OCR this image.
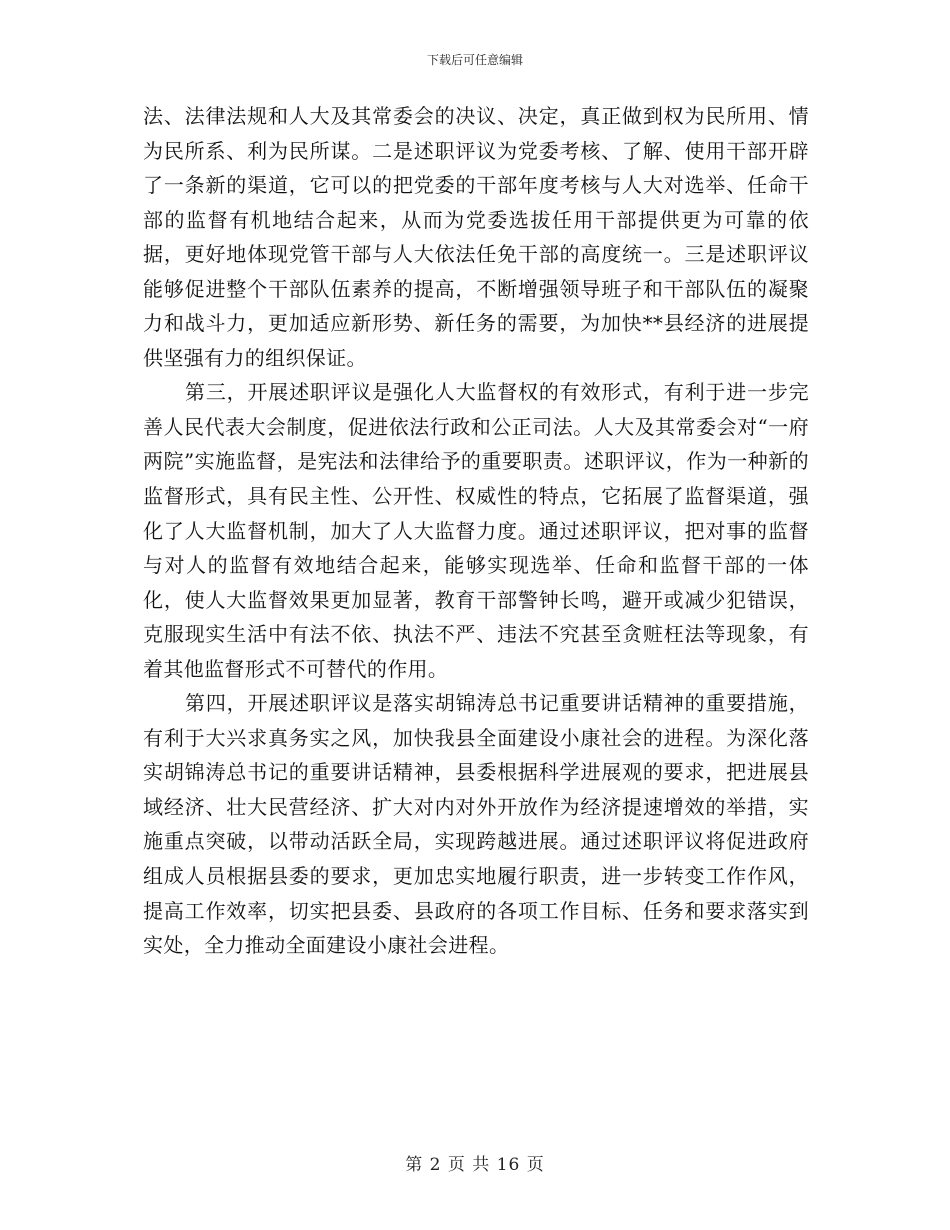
下载后可任意编辑

法、法律法规和人大及其常委会的决议、决定，真正做到权为民所用、情为民所系、利为民所谋。二是述职评议为党委考核、了解、使用干部开辟了一条新的渠道，它可以的把党委的干部年度考核与人大对选举、任命干部的监督有机地结合起来，从而为党委选拔任用干部提供更为可靠的依据，更好地体现党管干部与人大依法任免干部的高度统一。三是述职评议能够促进整个干部队伍素养的提高，不断增强领导班子和干部队伍的凝聚力和战斗力，更加适应新形势、新任务的需要，为加快**县经济的进展提供坚强有力的组织保证。

第三，开展述职评议是强化人大监督权的有效形式，有利于进一步完善人民代表大会制度，促进依法行政和公正司法。人大及其常委会对“一府两院”实施监督，是宪法和法律给予的重要职责。述职评议，作为一种新的监督形式，具有民主性、公开性、权威性的特点，它拓展了监督渠道，强化了人大监督机制，加大了人大监督力度。通过述职评议，把对事的监督与对人的监督有效地结合起来，能够实现选举、任命和监督干部的一体化，使人大监督效果更加显著，教育干部警钟长鸣，避开或减少犯错误，克服现实生活中有法不依、执法不严、违法不究甚至贪赃枉法等现象，有着其他监督形式不可替代的作用。

第四，开展述职评议是落实胡锦涛总书记重要讲话精神的重要措施，有利于大兴求真务实之风，加快我县全面建设小康社会的进程。为深化落实胡锦涛总书记的重要讲话精神，县委根据科学进展观的要求，把进展县域经济、壮大民营经济、扩大对内对外开放作为经济提速增效的举措，实施重点突破，以带动活跃全局，实现跨越进展。通过述职评议将促进政府组成人员根据县委的要求，更加忠实地履行职责，进一步转变工作作风，提高工作效率，切实把县委、县政府的各项工作目标、任务和要求落实到实处，全力推动全面建设小康社会进程。

第 2 页 共 16 页
